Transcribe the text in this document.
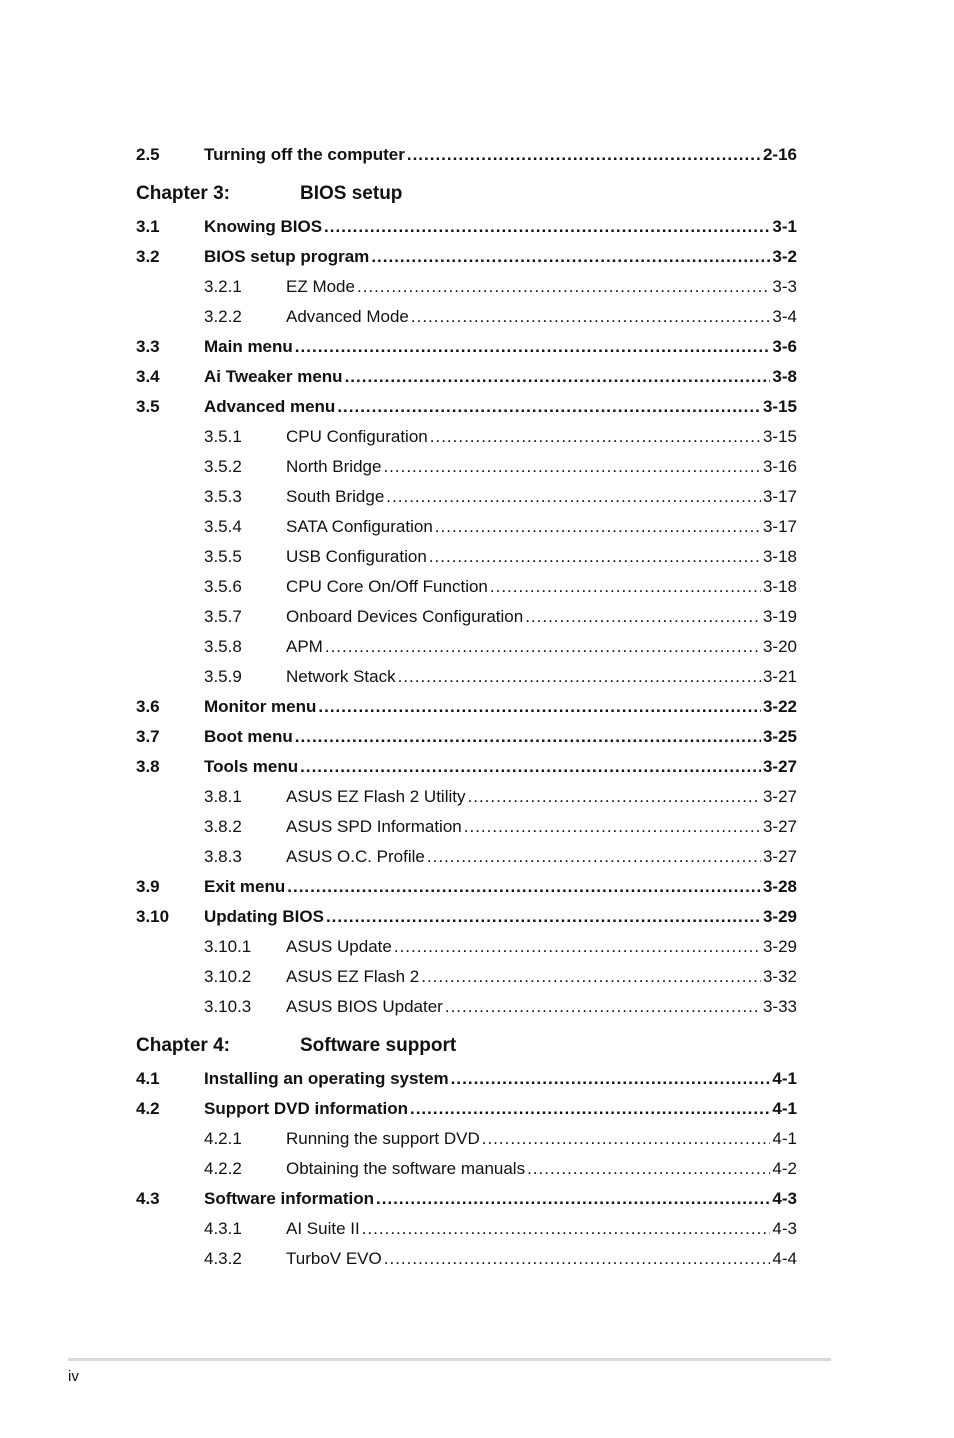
2.5	Turning off the computer .....	2-16
Chapter 3:	BIOS setup
3.1	Knowing BIOS .....	3-1
3.2	BIOS setup program .....	3-2
3.2.1	EZ Mode .....	3-3
3.2.2	Advanced Mode .....	3-4
3.3	Main menu .....	3-6
3.4	Ai Tweaker menu .....	3-8
3.5	Advanced menu .....	3-15
3.5.1	CPU Configuration .....	3-15
3.5.2	North Bridge .....	3-16
3.5.3	South Bridge .....	3-17
3.5.4	SATA Configuration .....	3-17
3.5.5	USB Configuration .....	3-18
3.5.6	CPU Core On/Off Function .....	3-18
3.5.7	Onboard Devices Configuration .....	3-19
3.5.8	APM .....	3-20
3.5.9	Network Stack .....	3-21
3.6	Monitor menu .....	3-22
3.7	Boot menu .....	3-25
3.8	Tools menu .....	3-27
3.8.1	ASUS EZ Flash 2 Utility .....	3-27
3.8.2	ASUS SPD Information .....	3-27
3.8.3	ASUS O.C. Profile .....	3-27
3.9	Exit menu .....	3-28
3.10 Updating BIOS .....	3-29
3.10.1 ASUS Update .....	3-29
3.10.2 ASUS EZ Flash 2 .....	3-32
3.10.3 ASUS BIOS Updater .....	3-33
Chapter 4:	Software support
4.1	Installing an operating system .....	4-1
4.2	Support DVD information .....	4-1
4.2.1	Running the support DVD .....	4-1
4.2.2	Obtaining the software manuals .....	4-2
4.3	Software information .....	4-3
4.3.1	AI Suite II .....	4-3
4.3.2	TurboV EVO .....	4-4
iv
